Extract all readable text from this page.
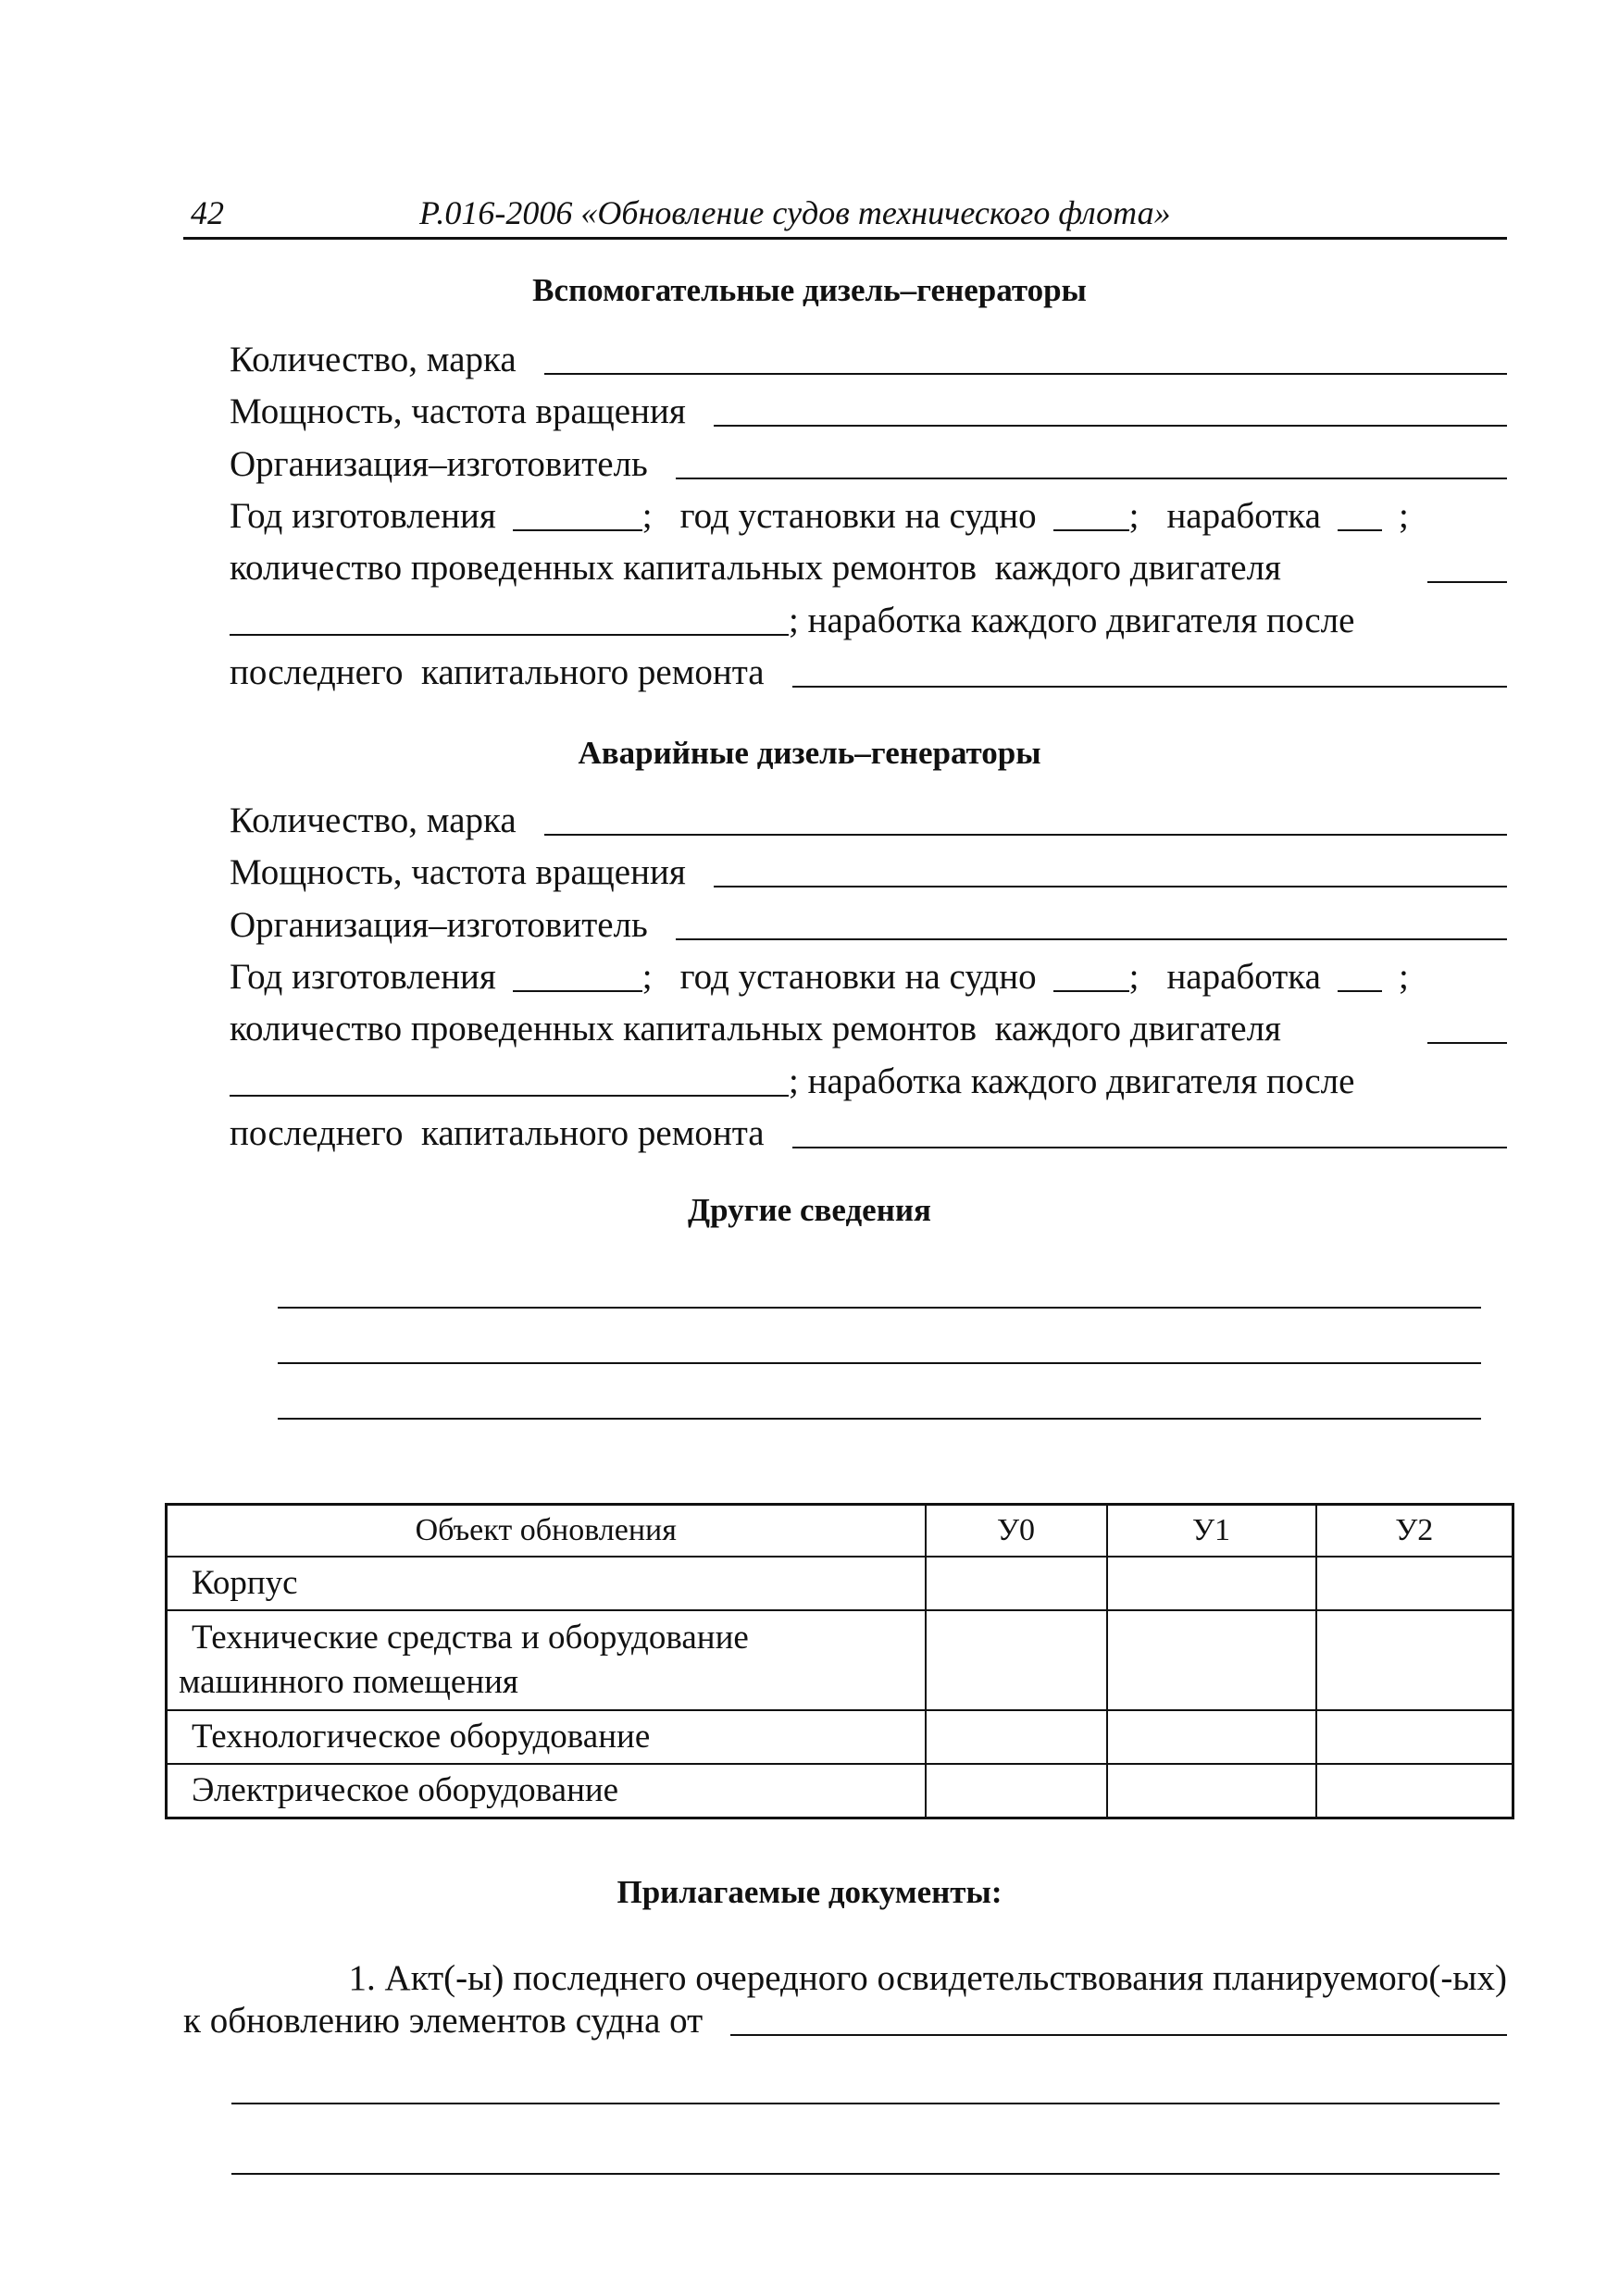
42	Р.016-2006 «Обновление судов технического флота»
Вспомогательные дизель–генераторы
Количество, марка
Мощность, частота вращения
Организация–изготовитель
Год изготовления	; год установки на судно	; наработка ;
количество проведенных капитальных ремонтов  каждого двигателя
; наработка каждого двигателя после
последнего  капитального ремонта
Аварийные дизель–генераторы
Количество, марка
Мощность, частота вращения
Организация–изготовитель
Год изготовления	; год установки на судно	; наработка ;
количество проведенных капитальных ремонтов  каждого двигателя
; наработка каждого двигателя после
последнего  капитального ремонта
Другие сведения
Объект обновления	У0	У1	У2

Корпус			

Технические средства и оборудование
машинного помещения			

Технологическое оборудование			

Электрическое оборудование			

Прилагаемые документы:
1. Акт(-ы) последнего очередного освидетельствования планируемого(-ых)
к обновлению элементов судна от
